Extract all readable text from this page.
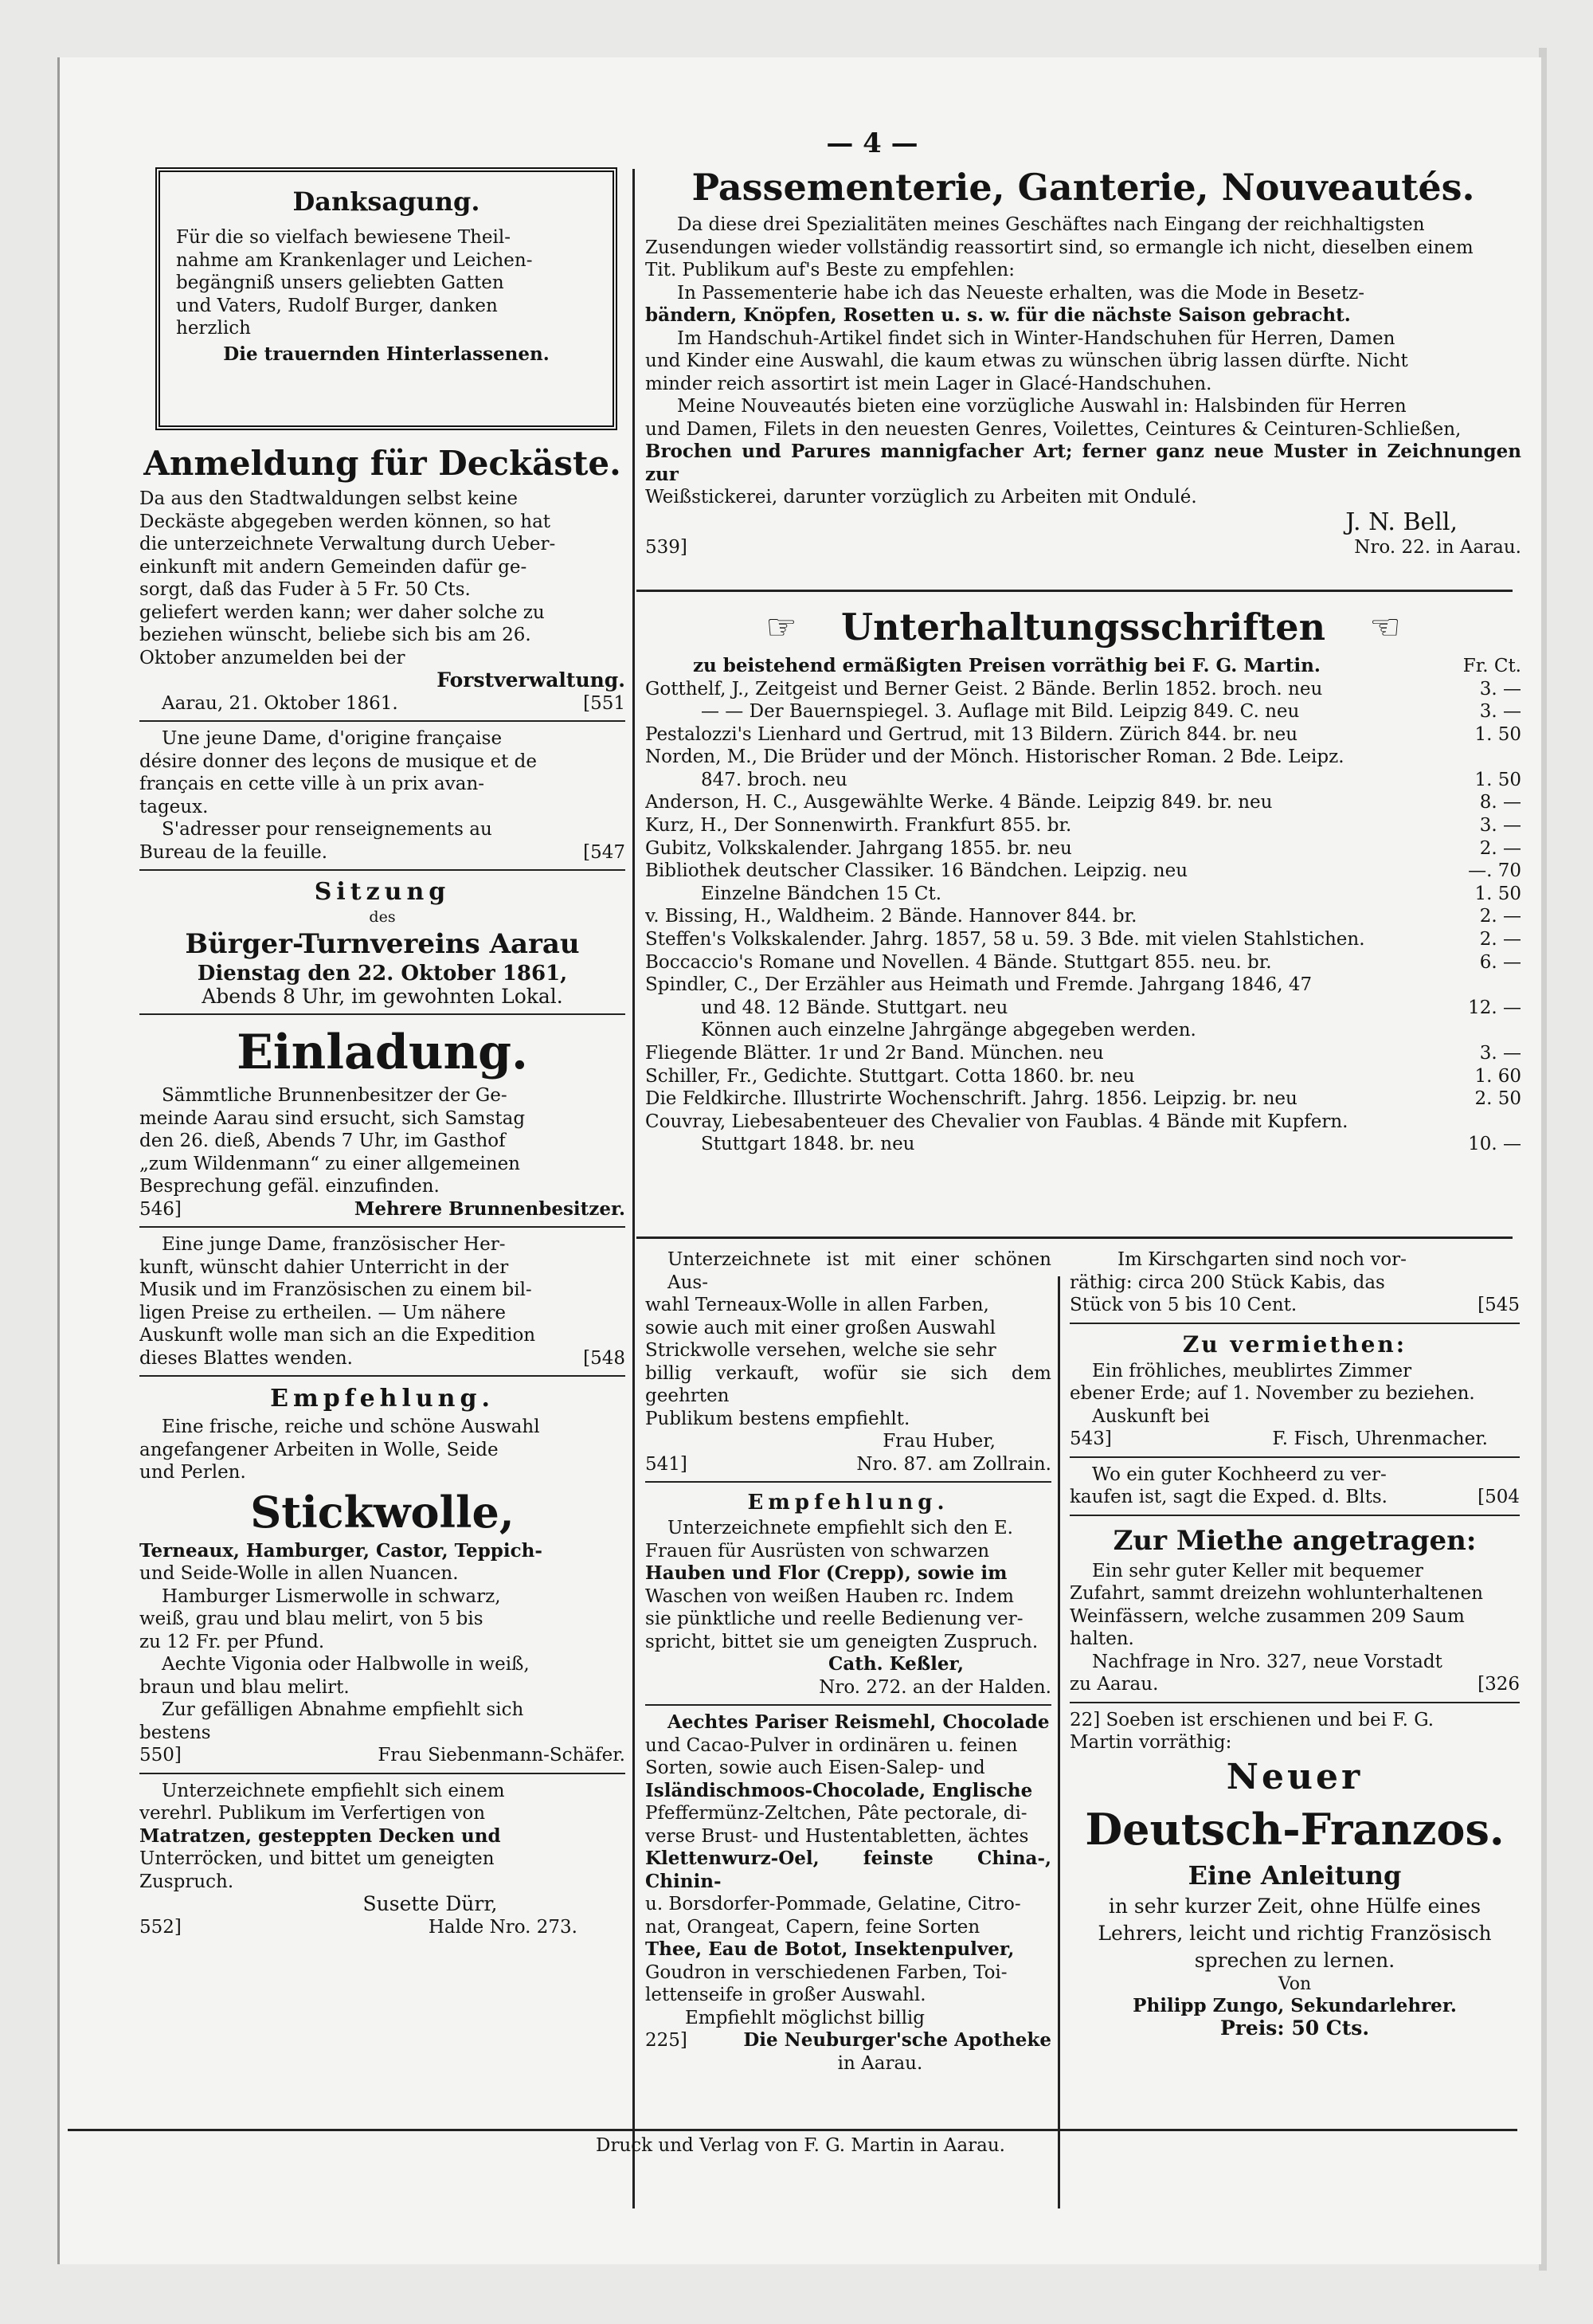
— 4 —
Danksagung.

Für die so vielfach bewiesene Theil-

nahme am Krankenlager und Leichen-

begängniß unsers geliebten Gatten

und Vaters, Rudolf Burger, danken

herzlich

Die trauernden Hinterlassenen.

Anmeldung für Deckäste.

Da aus den Stadtwaldungen selbst keine

Deckäste abgegeben werden können, so hat

die unterzeichnete Verwaltung durch Ueber-

einkunft mit andern Gemeinden dafür ge-

sorgt, daß das Fuder à 5 Fr. 50 Cts.

geliefert werden kann; wer daher solche zu

beziehen wünscht, beliebe sich bis am 26.

Oktober anzumelden bei der

Forstverwaltung.

Aarau, 21. Oktober 1861.	[551

Une jeune Dame, d'origine française

désire donner des leçons de musique et de

français en cette ville à un prix avan-

tageux.

S'adresser pour renseignements au

Bureau de la feuille.	[547
Sitzung

des

Bürger-Turnvereins Aarau

Dienstag den 22. Oktober 1861,

Abends 8 Uhr, im gewohnten Lokal.

Einladung.

Sämmtliche Brunnenbesitzer der Ge-

meinde Aarau sind ersucht, sich Samstag

den 26. dieß, Abends 7 Uhr, im Gasthof

„zum Wildenmann“ zu einer allgemeinen

Besprechung gefäl. einzufinden.

546]	Mehrere Brunnenbesitzer.

Eine junge Dame, französischer Her-

kunft, wünscht dahier Unterricht in der

Musik und im Französischen zu einem bil-

ligen Preise zu ertheilen. — Um nähere

Auskunft wolle man sich an die Expedition

dieses Blattes wenden.	[548
Empfehlung.

Eine frische, reiche und schöne Auswahl

angefangener Arbeiten in Wolle, Seide

und Perlen.

Stickwolle,

Terneaux, Hamburger, Castor, Teppich-

und Seide-Wolle in allen Nuancen.

Hamburger Lismerwolle in schwarz,

weiß, grau und blau melirt, von 5 bis

zu 12 Fr. per Pfund.

Aechte Vigonia oder Halbwolle in weiß,

braun und blau melirt.

Zur gefälligen Abnahme empfiehlt sich

bestens

550]	Frau Siebenmann-Schäfer.

Unterzeichnete empfiehlt sich einem

verehrl. Publikum im Verfertigen von

Matratzen, gesteppten Decken und

Unterröcken, und bittet um geneigten

Zuspruch.

Susette Dürr,

552]	Halde Nro. 273.
Passementerie, Ganterie, Nouveautés.

Da diese drei Spezialitäten meines Geschäftes nach Eingang der reichhaltigsten

Zusendungen wieder vollständig reassortirt sind, so ermangle ich nicht, dieselben einem

Tit. Publikum auf's Beste zu empfehlen:

In Passementerie habe ich das Neueste erhalten, was die Mode in Besetz-

bändern, Knöpfen, Rosetten u. s. w. für die nächste Saison gebracht.

Im Handschuh-Artikel findet sich in Winter-Handschuhen für Herren, Damen

und Kinder eine Auswahl, die kaum etwas zu wünschen übrig lassen dürfte. Nicht

minder reich assortirt ist mein Lager in Glacé-Handschuhen.

Meine Nouveautés bieten eine vorzügliche Auswahl in: Halsbinden für Herren

und Damen, Filets in den neuesten Genres, Voilettes, Ceintures & Ceinturen-Schließen,

Brochen und Parures mannigfacher Art; ferner ganz neue Muster in Zeichnungen zur

Weißstickerei, darunter vorzüglich zu Arbeiten mit Ondulé.

J. N. Bell,

539]	Nro. 22. in Aarau.
☞	Unterhaltungsschriften	☜
zu beistehend ermäßigten Preisen vorräthig bei F. G. Martin.	Fr. Ct.
Gotthelf, J., Zeitgeist und Berner Geist. 2 Bände. Berlin 1852. broch. neu	3. —
— — Der Bauernspiegel. 3. Auflage mit Bild. Leipzig 849. C. neu	3. —
Pestalozzi's Lienhard und Gertrud, mit 13 Bildern. Zürich 844. br. neu	1. 50
Norden, M., Die Brüder und der Mönch. Historischer Roman. 2 Bde. Leipz.
847. broch. neu	1. 50
Anderson, H. C., Ausgewählte Werke. 4 Bände. Leipzig 849. br. neu	8. —
Kurz, H., Der Sonnenwirth. Frankfurt 855. br.	3. —
Gubitz, Volkskalender. Jahrgang 1855. br. neu	2. —
Bibliothek deutscher Classiker. 16 Bändchen. Leipzig. neu	—. 70
Einzelne Bändchen 15 Ct.	1. 50
v. Bissing, H., Waldheim. 2 Bände. Hannover 844. br.	2. —
Steffen's Volkskalender. Jahrg. 1857, 58 u. 59. 3 Bde. mit vielen Stahlstichen.	2. —
Boccaccio's Romane und Novellen. 4 Bände. Stuttgart 855. neu. br.	6. —
Spindler, C., Der Erzähler aus Heimath und Fremde. Jahrgang 1846, 47
und 48. 12 Bände. Stuttgart. neu	12. —
Können auch einzelne Jahrgänge abgegeben werden.
Fliegende Blätter. 1r und 2r Band. München. neu	3. —
Schiller, Fr., Gedichte. Stuttgart. Cotta 1860. br. neu	1. 60
Die Feldkirche. Illustrirte Wochenschrift. Jahrg. 1856. Leipzig. br. neu	2. 50
Couvray, Liebesabenteuer des Chevalier von Faublas. 4 Bände mit Kupfern.
Stuttgart 1848. br. neu	10. —

Unterzeichnete ist mit einer schönen Aus-

wahl Terneaux-Wolle in allen Farben,

sowie auch mit einer großen Auswahl

Strickwolle versehen, welche sie sehr

billig verkauft, wofür sie sich dem geehrten

Publikum bestens empfiehlt.

Frau Huber,

541]	Nro. 87. am Zollrain.
Empfehlung.

Unterzeichnete empfiehlt sich den E.

Frauen für Ausrüsten von schwarzen

Hauben und Flor (Crepp), sowie im

Waschen von weißen Hauben rc. Indem

sie pünktliche und reelle Bedienung ver-

spricht, bittet sie um geneigten Zuspruch.

Cath. Keßler,

Nro. 272. an der Halden.

Aechtes Pariser Reismehl, Chocolade

und Cacao-Pulver in ordinären u. feinen

Sorten, sowie auch Eisen-Salep- und

Isländischmoos-Chocolade, Englische

Pfeffermünz-Zeltchen, Pâte pectorale, di-

verse Brust- und Hustentabletten, ächtes

Klettenwurz-Oel, feinste China-, Chinin-

u. Borsdorfer-Pommade, Gelatine, Citro-

nat, Orangeat, Capern, feine Sorten

Thee, Eau de Botot, Insektenpulver,

Goudron in verschiedenen Farben, Toi-

lettenseife in großer Auswahl.

Empfiehlt möglichst billig

225]	Die Neuburger'sche Apotheke

in Aarau.

Im Kirschgarten sind noch vor-

räthig: circa 200 Stück Kabis, das

Stück von 5 bis 10 Cent.	[545
Zu vermiethen:

Ein fröhliches, meublirtes Zimmer

ebener Erde; auf 1. November zu beziehen.

Auskunft bei

543]	F. Fisch, Uhrenmacher.

Wo ein guter Kochheerd zu ver-

kaufen ist, sagt die Exped. d. Blts.	[504
Zur Miethe angetragen:

Ein sehr guter Keller mit bequemer

Zufahrt, sammt dreizehn wohlunterhaltenen

Weinfässern, welche zusammen 209 Saum

halten.

Nachfrage in Nro. 327, neue Vorstadt

zu Aarau.	[326

22] Soeben ist erschienen und bei F. G.

Martin vorräthig:

Neuer
Deutsch-Franzos.
Eine Anleitung

in sehr kurzer Zeit, ohne Hülfe eines

Lehrers, leicht und richtig Französisch

sprechen zu lernen.

Von

Philipp Zungo, Sekundarlehrer.

Preis: 50 Cts.

Druck und Verlag von F. G. Martin in Aarau.
